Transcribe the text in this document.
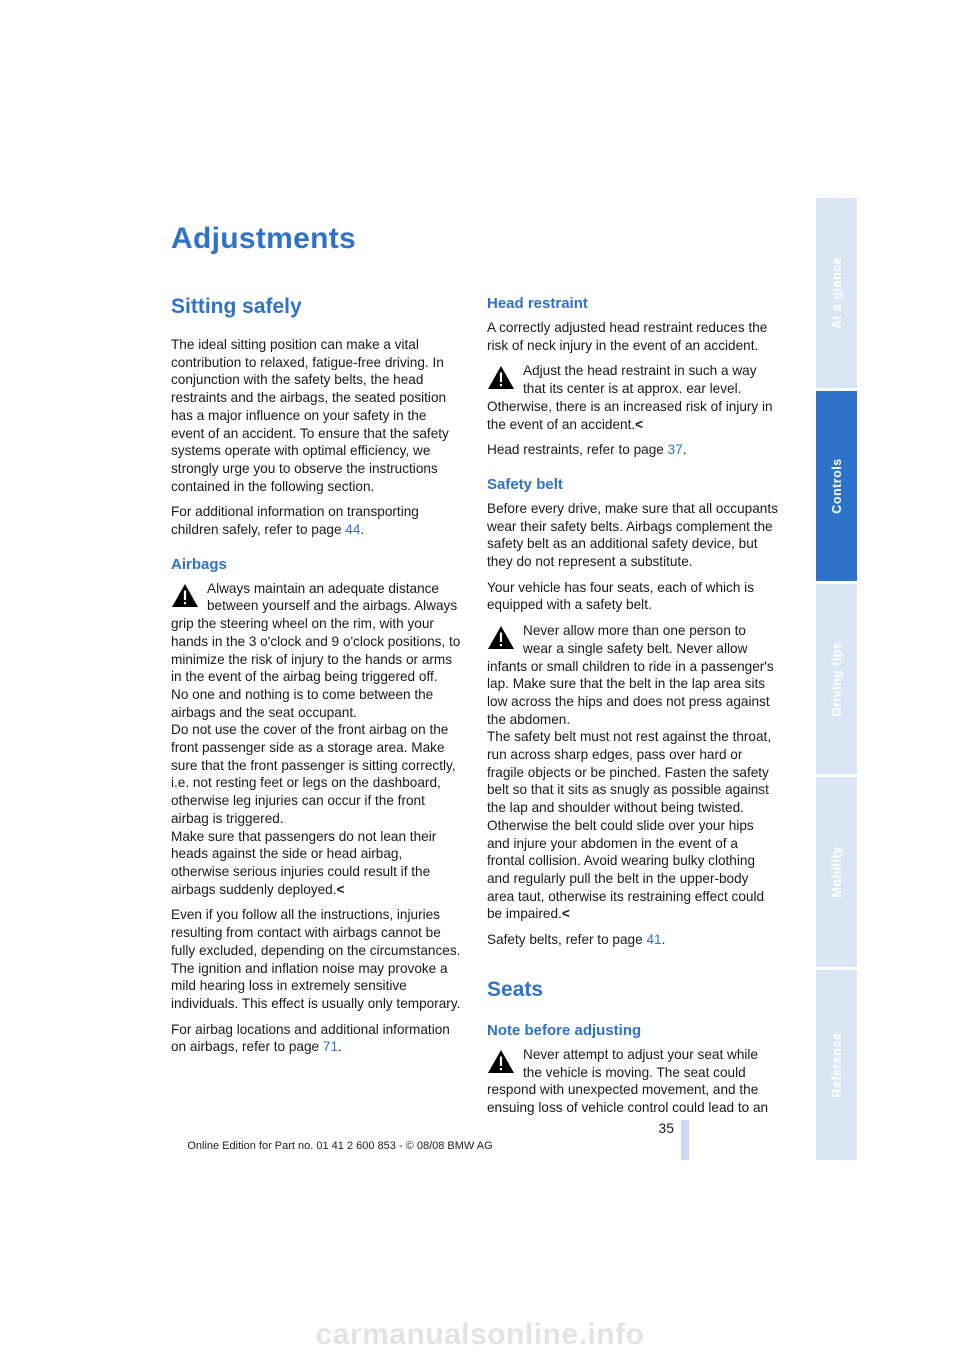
Adjustments
Sitting safely

The ideal sitting position can make a vital contribution to relaxed, fatigue-free driving. In conjunction with the safety belts, the head restraints and the airbags, the seated position has a major influence on your safety in the event of an accident. To ensure that the safety systems operate with optimal efficiency, we strongly urge you to observe the instructions contained in the following section.

For additional information on transporting children safely, refer to page 44.

Airbags

Always maintain an adequate distance between yourself and the airbags. Always grip the steering wheel on the rim, with your hands in the 3 o'clock and 9 o'clock positions, to minimize the risk of injury to the hands or arms in the event of the airbag being triggered off.

No one and nothing is to come between the airbags and the seat occupant.

Do not use the cover of the front airbag on the front passenger side as a storage area. Make sure that the front passenger is sitting correctly, i.e. not resting feet or legs on the dashboard, otherwise leg injuries can occur if the front airbag is triggered.

Make sure that passengers do not lean their heads against the side or head airbag, otherwise serious injuries could result if the airbags suddenly deployed.<

Even if you follow all the instructions, injuries resulting from contact with airbags cannot be fully excluded, depending on the circumstances. The ignition and inflation noise may provoke a mild hearing loss in extremely sensitive individuals. This effect is usually only temporary.

For airbag locations and additional information on airbags, refer to page 71.

Head restraint

A correctly adjusted head restraint reduces the risk of neck injury in the event of an accident.

Adjust the head restraint in such a way that its center is at approx. ear level. Otherwise, there is an increased risk of injury in the event of an accident.<

Head restraints, refer to page 37.

Safety belt

Before every drive, make sure that all occupants wear their safety belts. Airbags complement the safety belt as an additional safety device, but they do not represent a substitute.

Your vehicle has four seats, each of which is equipped with a safety belt.

Never allow more than one person to wear a single safety belt. Never allow infants or small children to ride in a passenger's lap. Make sure that the belt in the lap area sits low across the hips and does not press against the abdomen.

The safety belt must not rest against the throat, run across sharp edges, pass over hard or fragile objects or be pinched. Fasten the safety belt so that it sits as snugly as possible against the lap and shoulder without being twisted. Otherwise the belt could slide over your hips and injure your abdomen in the event of a frontal collision. Avoid wearing bulky clothing and regularly pull the belt in the upper-body area taut, otherwise its restraining effect could be impaired.<

Safety belts, refer to page 41.

Seats
Note before adjusting

Never attempt to adjust your seat while the vehicle is moving. The seat could respond with unexpected movement, and the ensuing loss of vehicle control could lead to an

At a glance
Controls
Driving tips
Mobility
Reference
35
Online Edition for Part no. 01 41 2 600 853 - © 08/08 BMW AG
carmanualsonline.info
